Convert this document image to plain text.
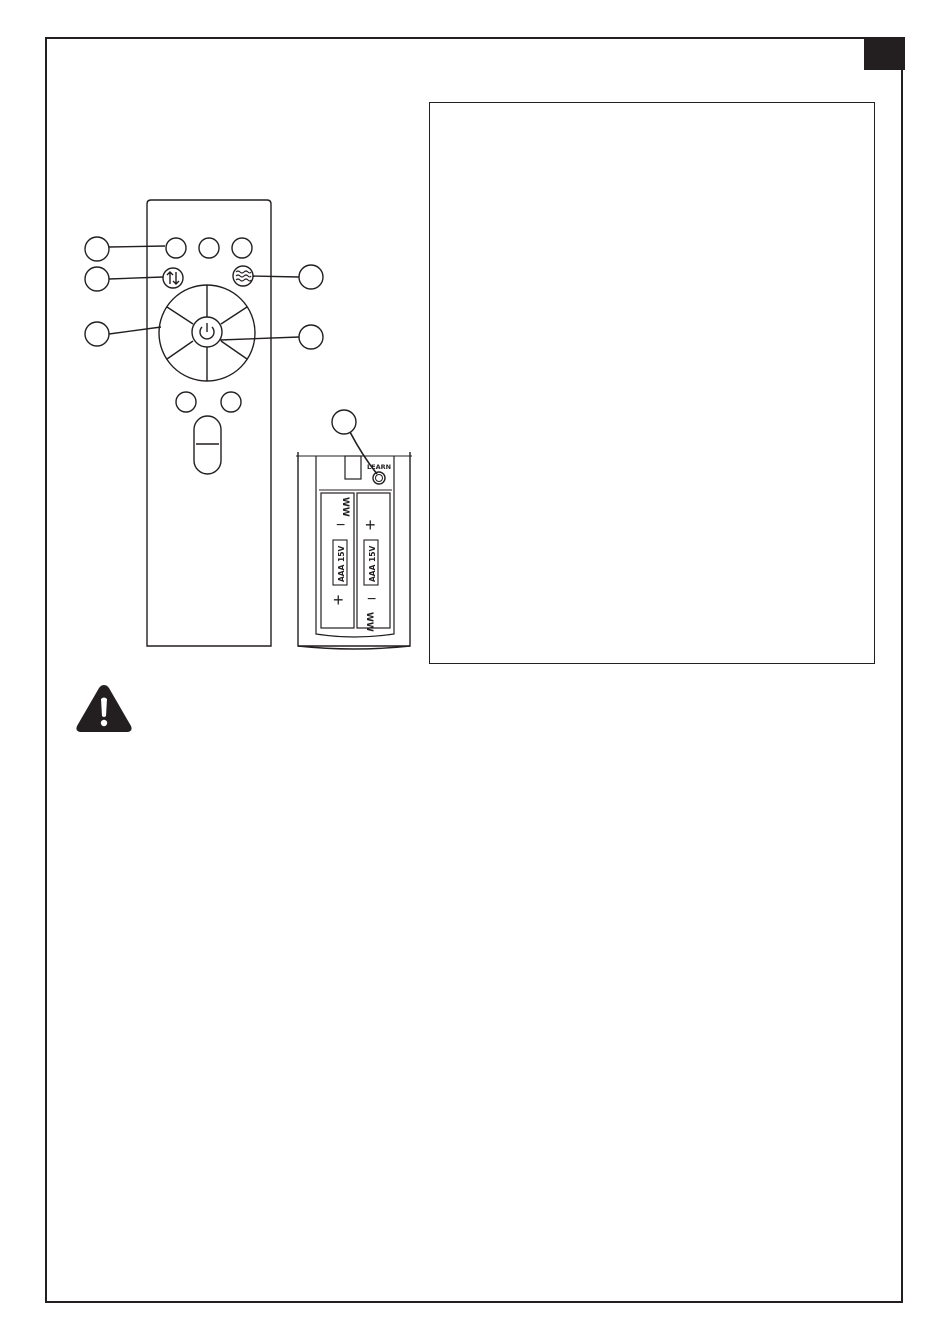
LEARN
AAA 15V	AAA 15V
−
+
+
−
WW
WW
